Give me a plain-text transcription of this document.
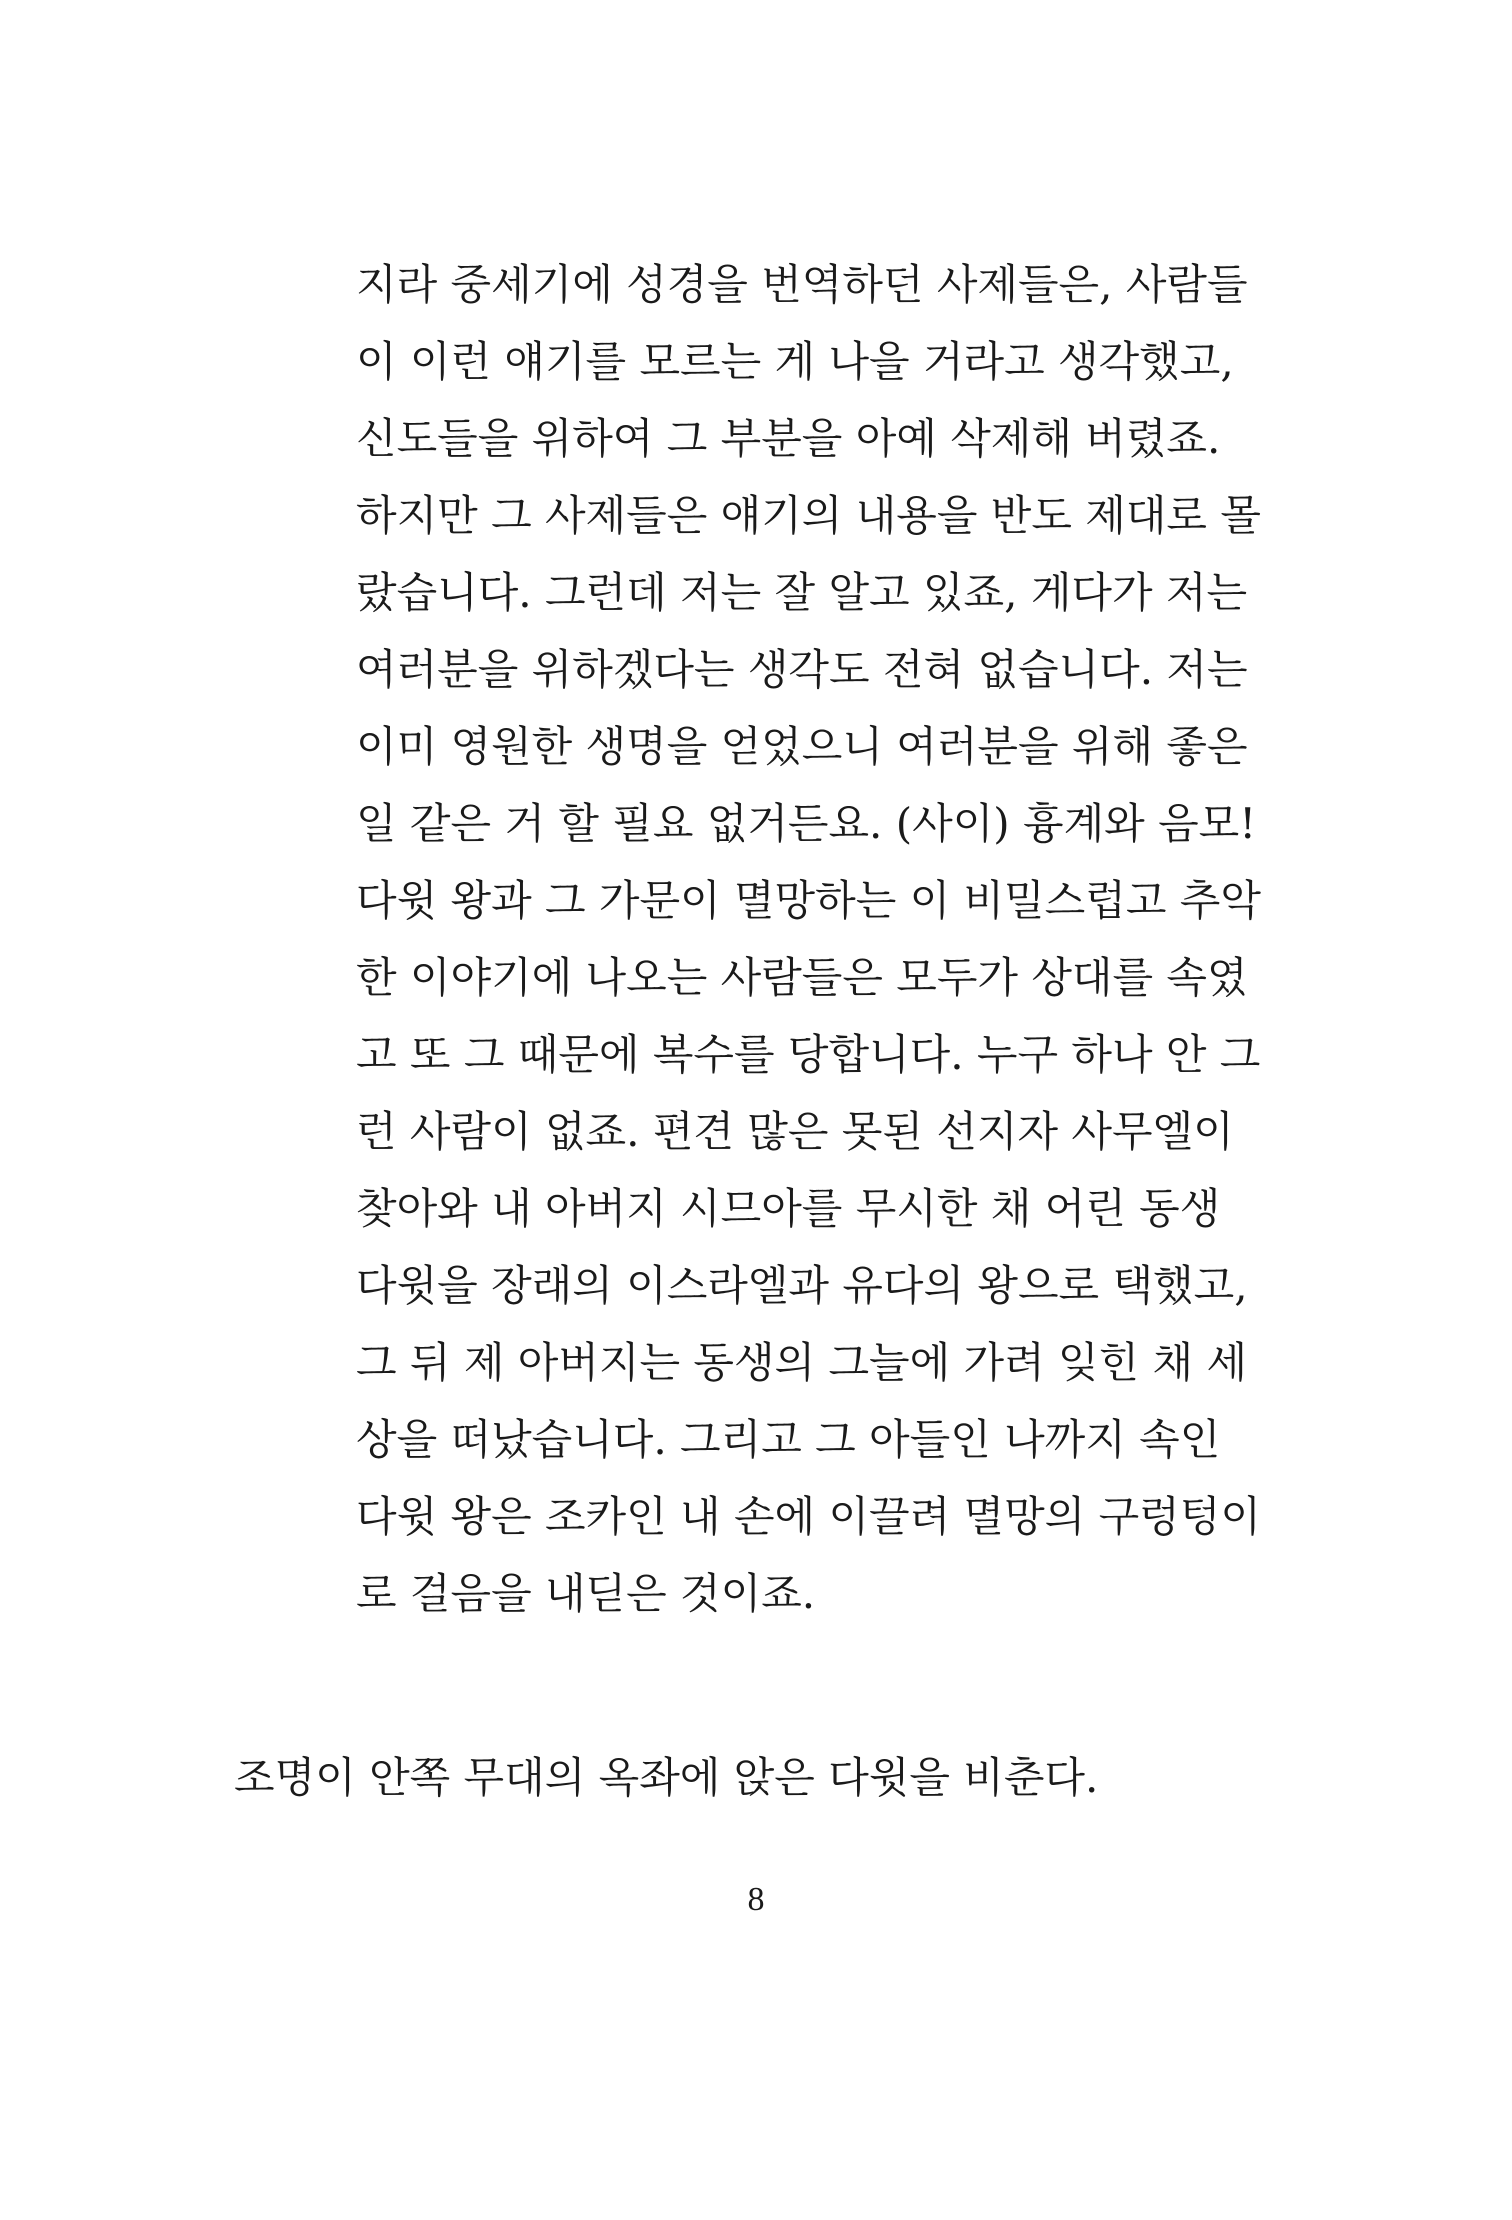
지라 중세기에 성경을 번역하던 사제들은, 사람들
이 이런 얘기를 모르는 게 나을 거라고 생각했고,
신도들을 위하여 그 부분을 아예 삭제해 버렸죠.
하지만 그 사제들은 얘기의 내용을 반도 제대로 몰
랐습니다. 그런데 저는 잘 알고 있죠, 게다가 저는
여러분을 위하겠다는 생각도 전혀 없습니다. 저는
이미 영원한 생명을 얻었으니 여러분을 위해 좋은
일 같은 거 할 필요 없거든요. (사이) 흉계와 음모!
다윗 왕과 그 가문이 멸망하는 이 비밀스럽고 추악
한 이야기에 나오는 사람들은 모두가 상대를 속였
고 또 그 때문에 복수를 당합니다. 누구 하나 안 그
런 사람이 없죠. 편견 많은 못된 선지자 사무엘이
찾아와 내 아버지 시므아를 무시한 채 어린 동생
다윗을 장래의 이스라엘과 유다의 왕으로 택했고,
그 뒤 제 아버지는 동생의 그늘에 가려 잊힌 채 세
상을 떠났습니다. 그리고 그 아들인 나까지 속인
다윗 왕은 조카인 내 손에 이끌려 멸망의 구렁텅이
로 걸음을 내딛은 것이죠.
조명이 안쪽 무대의 옥좌에 앉은 다윗을 비춘다.
8
